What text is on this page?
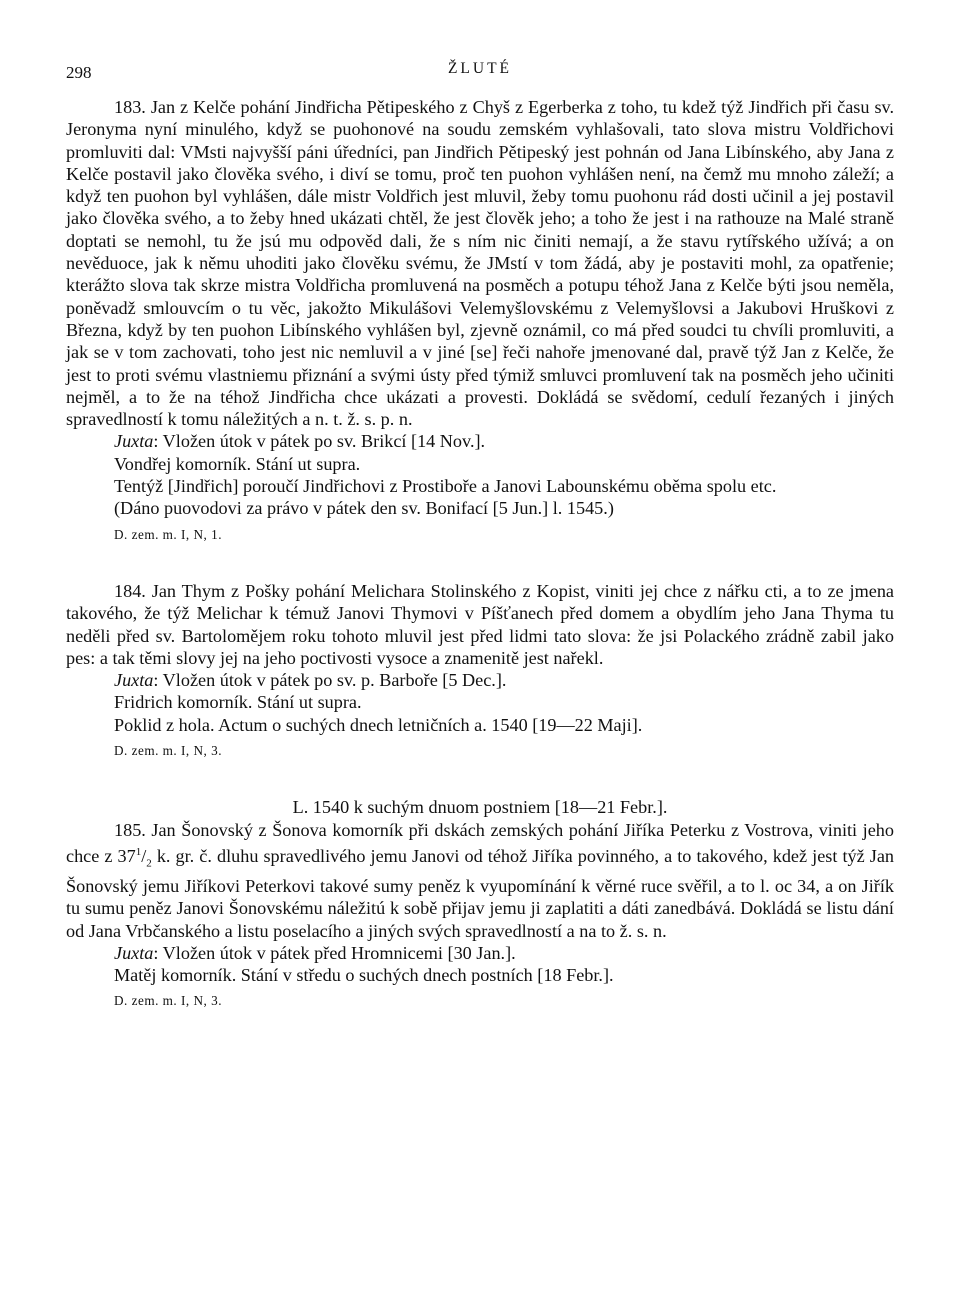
298	ŽLUTÉ

183. Jan z Kelče pohání Jindřicha Pětipeského z Chyš z Egerberka z toho, tu kdež týž Jindřich při času sv. Jeronyma nyní minulého, když se puohonové na soudu zemském vyhlašovali, tato slova mistru Voldřichovi promluviti dal: VMsti najvyšší páni úředníci, pan Jindřich Pětipeský jest pohnán od Jana Libínského, aby Jana z Kelče postavil jako člověka svého, i diví se tomu, proč ten puohon vyhlášen není, na čemž mu mnoho záleží; a když ten puohon byl vyhlášen, dále mistr Voldřich jest mluvil, žeby tomu puohonu rád dosti učinil a jej postavil jako člověka svého, a to žeby hned ukázati chtěl, že jest člověk jeho; a toho že jest i na rathouze na Malé straně doptati se nemohl, tu že jsú mu odpověd dali, že s ním nic činiti nemají, a že stavu rytířského užívá; a on nevěduoce, jak k němu uhoditi jako člověku svému, že JMstí v tom žádá, aby je postaviti mohl, za opatřenie; kterážto slova tak skrze mistra Voldřicha promluvená na posměch a potupu téhož Jana z Kelče býti jsou neměla, poněvadž smlouvcím o tu věc, jakožto Mikulášovi Velemyšlovskému z Velemyšlovsi a Jakubovi Hruškovi z Března, když by ten puohon Libínského vyhlášen byl, zjevně oznámil, co má před soudci tu chvíli promluviti, a jak se v tom zachovati, toho jest nic nemluvil a v jiné [se] řeči nahoře jmenované dal, pravě týž Jan z Kelče, že jest to proti svému vlastniemu přiznání a svými ústy před týmiž smluvci promluvení tak na posměch jeho učiniti nejměl, a to že na téhož Jindřicha chce ukázati a provesti. Dokládá se svědomí, cedulí řezaných i jiných spravedlností k tomu náležitých a n. t. ž. s. p. n.

Juxta: Vložen útok v pátek po sv. Brikcí [14 Nov.].

Vondřej komorník. Stání ut supra.

Tentýž [Jindřich] poroučí Jindřichovi z Prostiboře a Janovi Labounskému oběma spolu etc.

(Dáno puovodovi za právo v pátek den sv. Bonifací [5 Jun.] l. 1545.)

D. zem. m. I, N, 1.

184. Jan Thym z Pošky pohání Melichara Stolinského z Kopist, viniti jej chce z nářku cti, a to ze jmena takového, že týž Melichar k témuž Janovi Thymovi v Píšťanech před domem a obydlím jeho Jana Thyma tu neděli před sv. Bartolomějem roku tohoto mluvil jest před lidmi tato slova: že jsi Polackého zrádně zabil jako pes: a tak těmi slovy jej na jeho poctivosti vysoce a znamenitě jest nařekl.

Juxta: Vložen útok v pátek po sv. p. Barboře [5 Dec.].

Fridrich komorník. Stání ut supra.

Poklid z hola. Actum o suchých dnech letničních a. 1540 [19—22 Maji].

D. zem. m. I, N, 3.

L. 1540 k suchým dnuom postniem [18—21 Febr.].

185. Jan Šonovský z Šonova komorník při dskách zemských pohání Jiříka Peterku z Vostrova, viniti jeho chce z $37^1/_2$ k. gr. č. dluhu spravedlivého jemu Janovi od téhož Jiříka povinného, a to takového, kdež jest týž Jan Šonovský jemu Jiříkovi Peterkovi takové sumy peněz k vyupomínání k věrné ruce svěřil, a to l. oc 34, a on Jiřík tu sumu peněz Janovi Šonovskému náležitú k sobě přijav jemu ji zaplatiti a dáti zanedbává. Dokládá se listu dání od Jana Vrbčanského a listu poselacího a jiných svých spravedlností a na to ž. s. n.

Juxta: Vložen útok v pátek před Hromnicemi [30 Jan.].

Matěj komorník. Stání v středu o suchých dnech postních [18 Febr.].

D. zem. m. I, N, 3.
